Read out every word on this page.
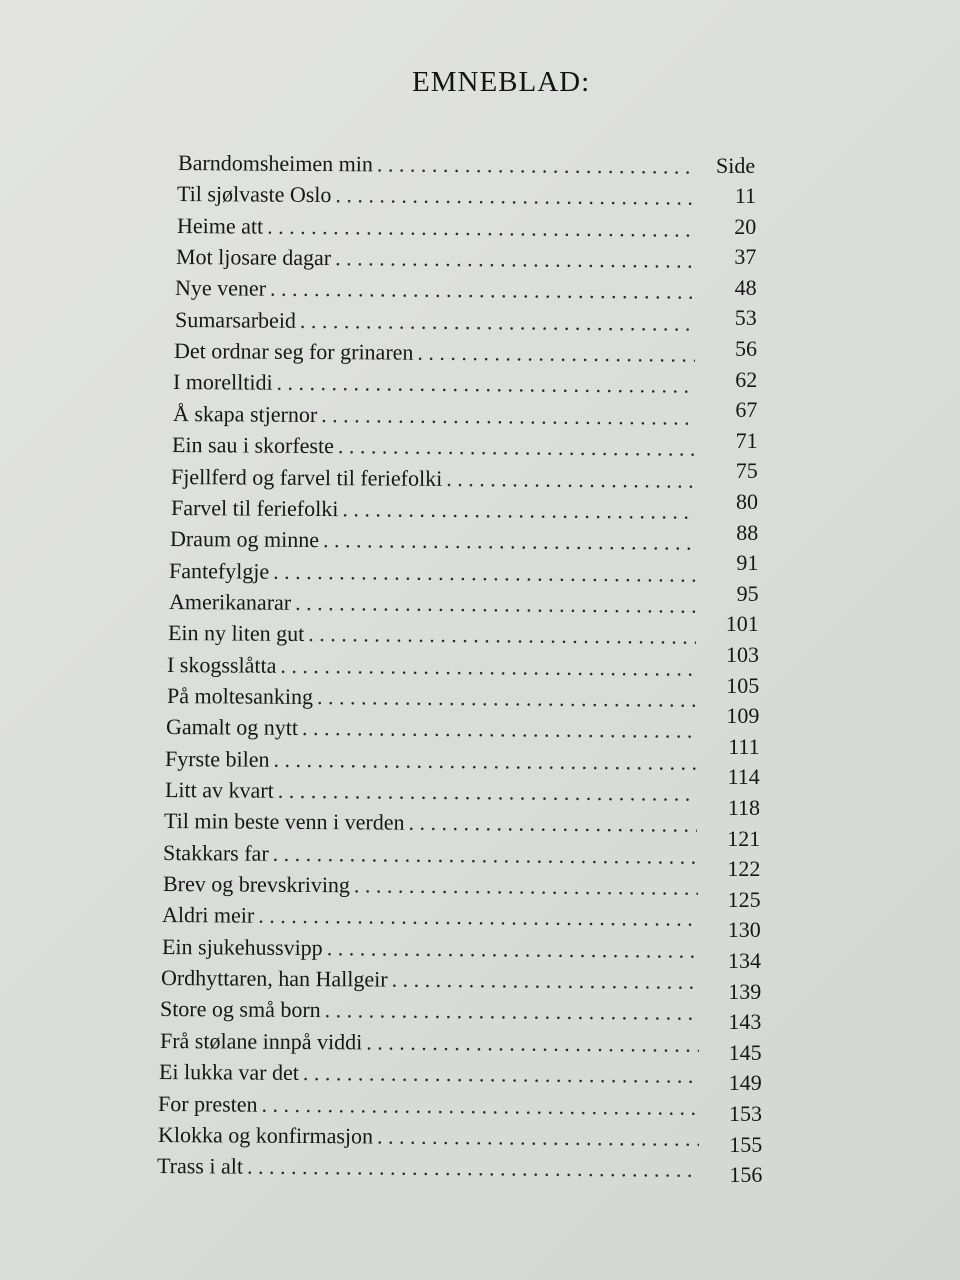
EMNEBLAD:
Side
Barndomsheimen min
. . .
Til sjølvaste Oslo
. . .
Heime att
. . .
Mot ljosare dagar
. . .
Nye vener
. . .
Sumarsarbeid
. . .
Det ordnar seg for grinaren
. . .
I morelltidi
. . .
Å skapa stjernor
. . .
Ein sau i skorfeste
. . .
Fjellferd og farvel til feriefolki
. . .
Farvel til feriefolki
. . .
Draum og minne
. . .
Fantefylgje
. . .
Amerikanarar
. . .
Ein ny liten gut
. . .
I skogsslåtta
. . .
På moltesanking
. . .
Gamalt og nytt
. . .
Fyrste bilen
. . .
Litt av kvart
. . .
Til min beste venn i verden
. . .
Stakkars far
. . .
Brev og brevskriving
. . .
Aldri meir
. . .
Ein sjukehussvipp
. . .
Ordhyttaren, han Hallgeir
. . .
Store og små born
. . .
Frå stølane innpå viddi
. . .
Ei lukka var det
. . .
For presten
. . .
Klokka og konfirmasjon
. . .
Trass i alt
. . .
11
20
37
48
53
56
62
67
71
75
80
88
91
95
101
103
105
109
111
114
118
121
122
125
130
134
139
143
145
149
153
155
156
